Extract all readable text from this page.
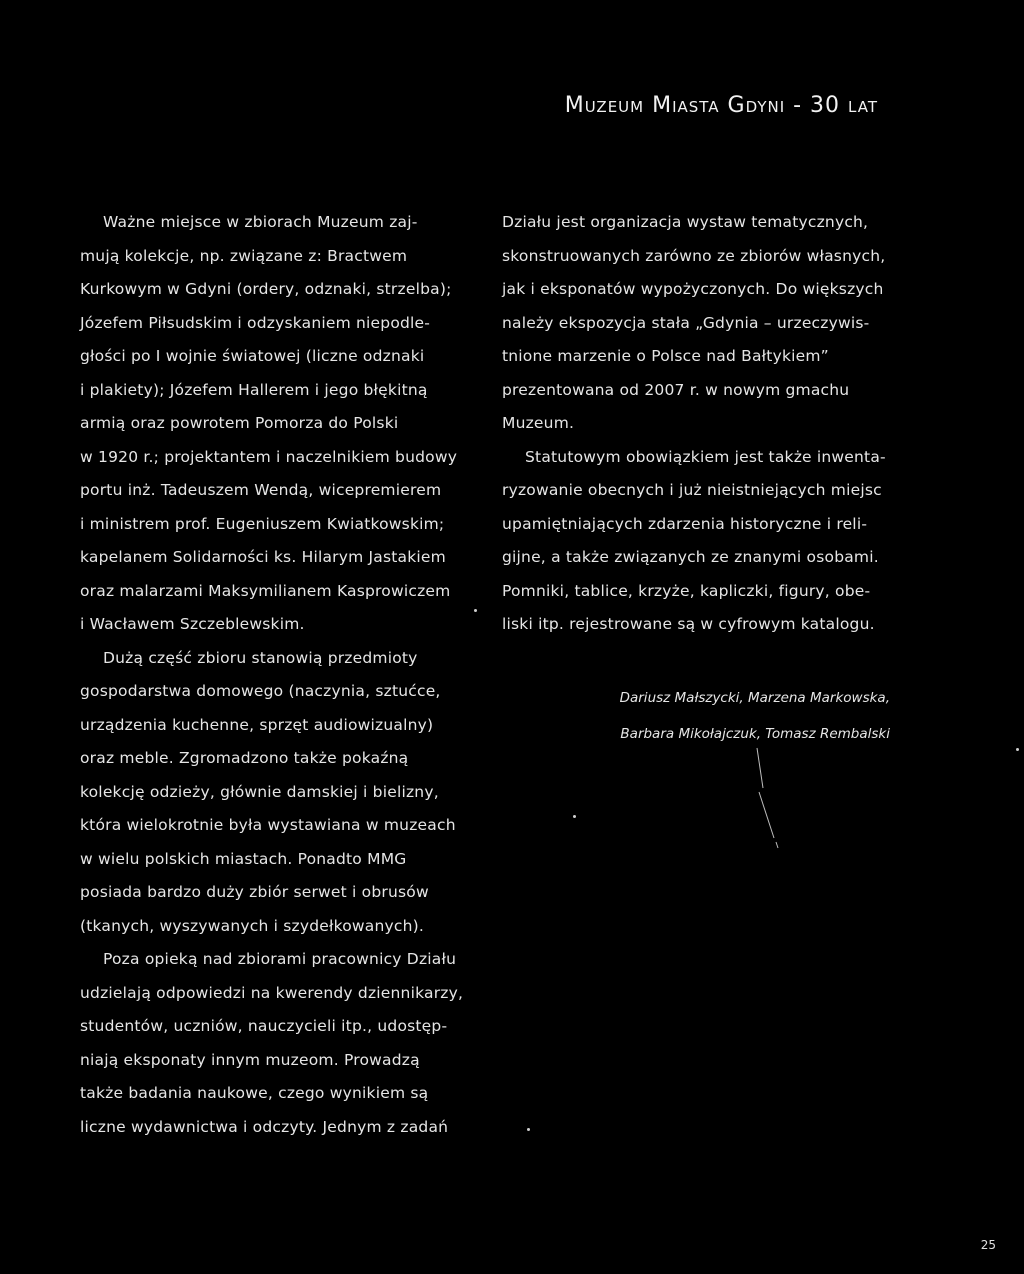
Muzeum Miasta Gdyni - 30 lat
Ważne miejsce w zbiorach Muzeum zaj-
mują kolekcje, np. związane z: Bractwem
Kurkowym w Gdyni (ordery, odznaki, strzelba);
Józefem Piłsudskim i odzyskaniem niepodle-
głości po I wojnie światowej (liczne odznaki
i plakiety); Józefem Hallerem i jego błękitną
armią oraz powrotem Pomorza do Polski
w 1920 r.; projektantem i naczelnikiem budowy
portu inż. Tadeuszem Wendą, wicepremierem
i ministrem prof. Eugeniuszem Kwiatkowskim;
kapelanem Solidarności ks. Hilarym Jastakiem
oraz malarzami Maksymilianem Kasprowiczem
i Wacławem Szczeblewskim.
Dużą część zbioru stanowią przedmioty
gospodarstwa domowego (naczynia, sztućce,
urządzenia kuchenne, sprzęt audiowizualny)
oraz meble. Zgromadzono także pokaźną
kolekcję odzieży, głównie damskiej i bielizny,
która wielokrotnie była wystawiana w muzeach
w wielu polskich miastach. Ponadto MMG
posiada bardzo duży zbiór serwet i obrusów
(tkanych, wyszywanych i szydełkowanych).
Poza opieką nad zbiorami pracownicy Działu
udzielają odpowiedzi na kwerendy dziennikarzy,
studentów, uczniów, nauczycieli itp., udostęp-
niają eksponaty innym muzeom. Prowadzą
także badania naukowe, czego wynikiem są
liczne wydawnictwa i odczyty. Jednym z zadań
Działu jest organizacja wystaw tematycznych,
skonstruowanych zarówno ze zbiorów własnych,
jak i eksponatów wypożyczonych. Do większych
należy ekspozycja stała „Gdynia – urzeczywis-
tnione marzenie o Polsce nad Bałtykiem”
prezentowana od 2007 r. w nowym gmachu
Muzeum.
Statutowym obowiązkiem jest także inwenta-
ryzowanie obecnych i już nieistniejących miejsc
upamiętniających zdarzenia historyczne i reli-
gijne, a także związanych ze znanymi osobami.
Pomniki, tablice, krzyże, kapliczki, figury, obe-
liski itp. rejestrowane są w cyfrowym katalogu.
Dariusz Małszycki, Marzena Markowska,
Barbara Mikołajczuk, Tomasz Rembalski
25
